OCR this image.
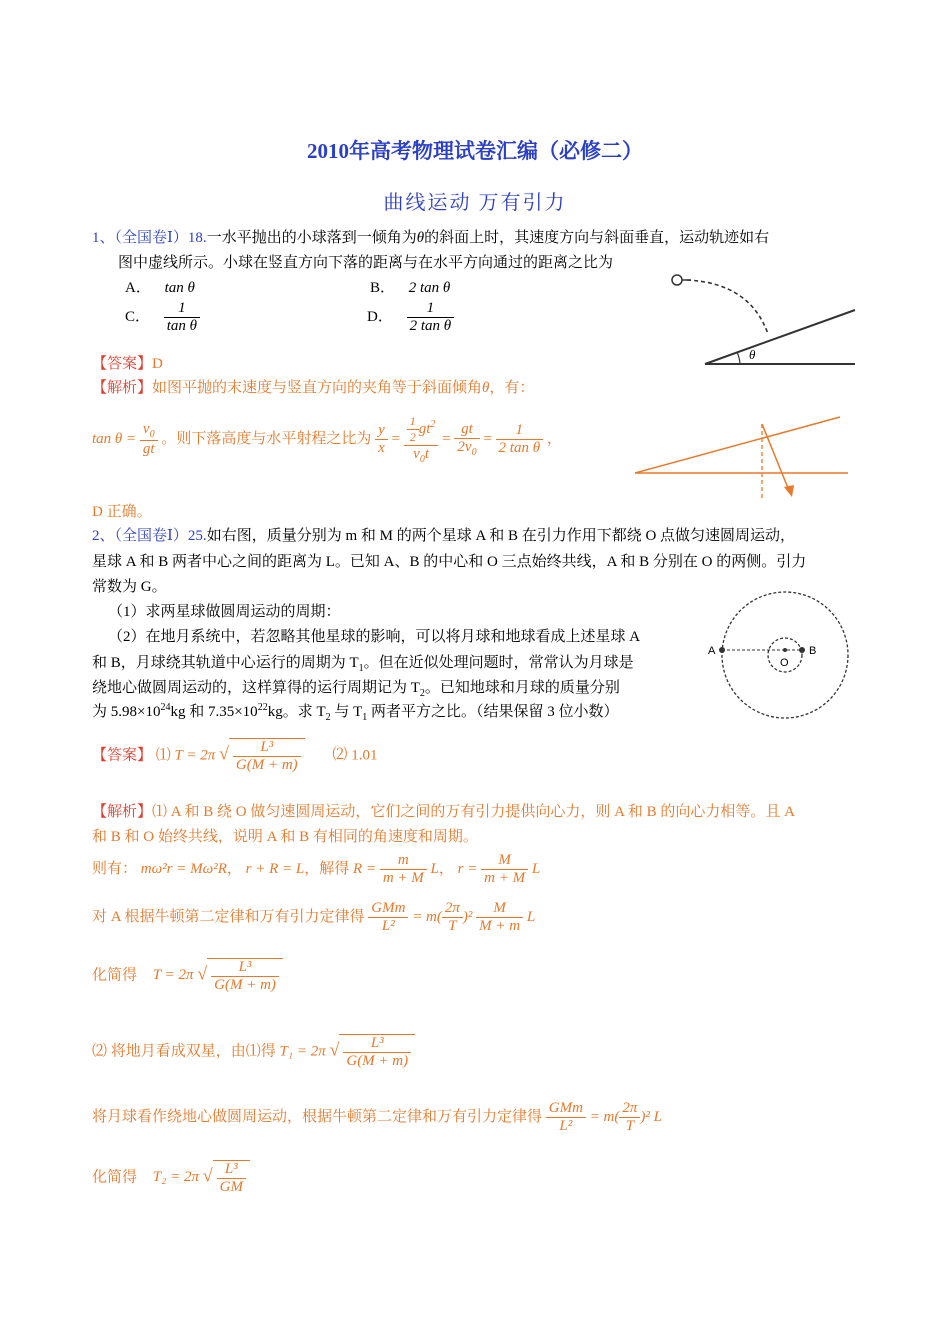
2010年高考物理试卷汇编（必修二）
曲线运动 万有引力
1、（全国卷Ⅰ）18.一水平抛出的小球落到一倾角为θ的斜面上时，其速度方向与斜面垂直，运动轨迹如右
图中虚线所示。小球在竖直方向下落的距离与在水平方向通过的距离之比为
A． tan θ	B． 2 tan θ
C． $\frac{1}{\text{tan θ}}$	D． $\frac{1}{\text{2 tan θ}}$
θ
【答案】D
【解析】如图平抛的末速度与竖直方向的夹角等于斜面倾角θ，有：
$\tan \theta = \frac{v_0}{gt}$ 。则下落高度与水平射程之比为 $\frac{y}{x} = \frac{\frac{1}{2} gt^2}{v_0t} = \frac{gt}{2v_0} = \frac{1}{\text{2 tan θ}}$ ，
D 正确。
2、（全国卷Ⅰ）25.如右图，质量分别为 m 和 M 的两个星球 A 和 B 在引力作用下都绕 O 点做匀速圆周运动，
星球 A 和 B 两者中心之间的距离为 L。已知 A、B 的中心和 O 三点始终共线，A 和 B 分别在 O 的两侧。引力
常数为 G。
（1）求两星球做圆周运动的周期：
（2）在地月系统中，若忽略其他星球的影响，可以将月球和地球看成上述星球 A
和 B，月球绕其轨道中心运行的周期为 $T_1$。但在近似处理问题时，常常认为月球是
绕地心做圆周运动的，这样算得的运行周期记为 $T_2$。已知地球和月球的质量分别
为 $5.98\times 10^{24}kg$ 和 $7.35\times 10^{22}kg$。求 $T_2$ 与 $T_1$ 两者平方之比。（结果保留 3 位小数）
A	B
O
【答案】 ⑴ T = 2π √ $\frac{\text{L³}}{G(M + m)}$ ⑵ 1.01
【解析】⑴ A 和 B 绕 O 做匀速圆周运动，它们之间的万有引力提供向心力，则 A 和 B 的向心力相等。且 A
和 B 和 O 始终共线，说明 A 和 B 有相同的角速度和周期。
则有： mω²r = Mω²R， r + R = L，解得 $R = \frac{m}{m + M}$ L， $r = \frac{M}{m + M}$ L
对 A 根据牛顿第二定律和万有引力定律得 $\frac{\text{GMm}}{\text{L²}} = m( \frac{2\pi}{T} )^2 \frac{M}{M + m}$ L
化简得 T = 2π √ $\frac{\text{L³}}{G(M + m)}$
⑵ 将地月看成双星，由⑴得 T₁ = 2π √ $\frac{\text{L³}}{G(M + m)}$
将月球看作绕地心做圆周运动，根据牛顿第二定律和万有引力定律得 $\frac{\text{GMm}}{\text{L²}} = m( \frac{2\pi}{T} )^2$ L
化简得 T₂ = 2π √ $\frac{\text{L³}}{GM}$
